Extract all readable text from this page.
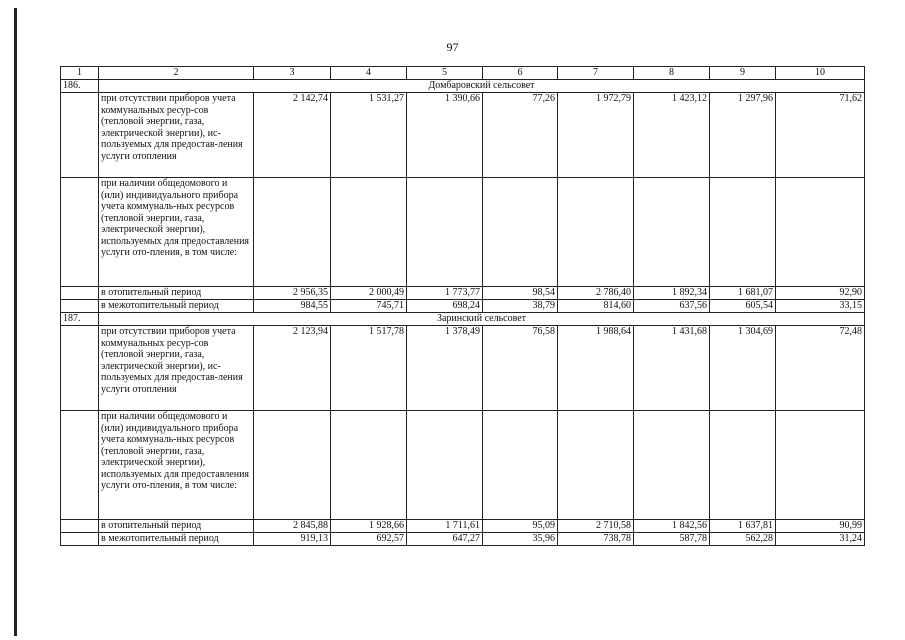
97
1	2	3	4	5	6	7	8	9	10
186.	Домбаровский сельсовет								
	при отсутствии приборов учета коммунальных ресур-сов (тепловой энергии, газа, электрической энергии), ис-пользуемых для предостав-ления услуги отопления	2 142,74	1 531,27	1 390,66	77,26	1 972,79	1 423,12	1 297,96	71,62
	при наличии общедомового и (или) индивидуального прибора учета коммуналь-ных ресурсов (тепловой энергии, газа, электрической энергии), используемых для предоставления услуги ото-пления, в том числе:								
	в отопительный период	2 956,35	2 000,49	1 773,77	98,54	2 786,40	1 892,34	1 681,07	92,90
	в межотопительный период	984,55	745,71	698,24	38,79	814,60	637,56	605,54	33,15
187.	Заринский сельсовет								
	при отсутствии приборов учета коммунальных ресур-сов (тепловой энергии, газа, электрической энергии), ис-пользуемых для предостав-ления услуги отопления	2 123,94	1 517,78	1 378,49	76,58	1 988,64	1 431,68	1 304,69	72,48
	при наличии общедомового и (или) индивидуального прибора учета коммуналь-ных ресурсов (тепловой энергии, газа, электрической энергии), используемых для предоставления услуги ото-пления, в том числе:								
	в отопительный период	2 845,88	1 928,66	1 711,61	95,09	2 710,58	1 842,56	1 637,81	90,99
	в межотопительный период	919,13	692,57	647,27	35,96	738,78	587,78	562,28	31,24
